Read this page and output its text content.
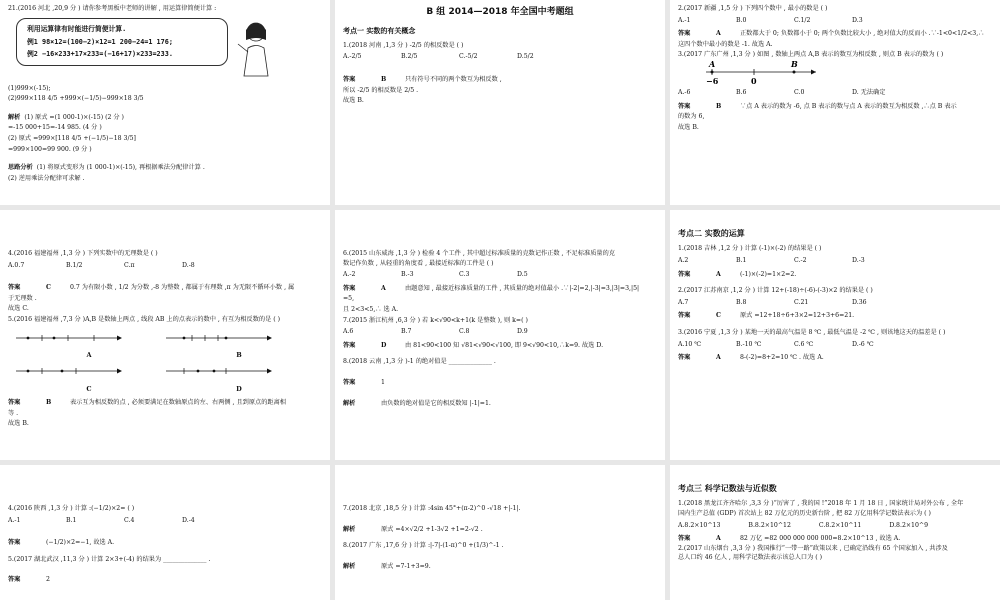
21.(2016 河北 ,20,9 分 ) 请你参考黑板中老师的讲解 , 用运算律简便计算 :

利用运算律有时能进行简便计算.
例1 98×12=(100−2)×12=1 200−24=1 176;
例2 −16×233+17×233=(−16+17)×233=233.
(1)999×(-15);
(2)999×118 4/5 +999×(−1/5)−999×18 3/5
解析 (1) 原式 =(1 000-1)×(-15) (2 分 )
=-15 000+15=-14 985. (4 分 )
(2) 原式 =999×[118 4/5 +(−1/5)−18 3/5]
=999×100=99 900. (9 分 )
思路分析 (1) 将原式变形为 (1 000-1)×(-15), 再根据乘法分配律计算 .
(2) 逆用乘法分配律可求解 .
B 组 2014—2018 年全国中考题组
考点一 实数的有关概念

1.(2018 河南 ,1,3 分 ) -2/5 的相反数是 ( )

A.-2/5	B.2/5	C.-5/2	D.5/2
答案	B	只有符号不同的两个数互为相反数 ,
所以 -2/5 的相反数是 2/5 .
故选 B.

2.(2017 新疆 ,1,5 分 ) 下列四个数中 , 最小的数是 ( )

A.-1	B.0	C.1/2	D.3
答案	A	正数都大于 0; 负数都小于 0; 两个负数比较大小 , 绝对值大的反而小 .∵-1<0<1/2<3,∴
这四个数中最小的数是 -1. 故选 A.

3.(2017 广东广州 ,1,3 分 ) 如图 , 数轴上两点 A,B 表示的数互为相反数 , 则点 B 表示的数为 ( )

A	B
−6	0
A.-6	B.6	C.0	D. 无法确定
答案	B	∵点 A 表示的数为 -6, 点 B 表示的数与点 A 表示的数互为相反数 ,∴点 B 表示
的数为 6,
故选 B.

4.(2016 福建福州 ,1,3 分 ) 下列实数中的无理数是 ( )

A.0.7	B.1/2	C.π	D.-8
答案	C	0.7 为有限小数 , 1/2 为分数 ,-8 为整数 , 都属于有理数 ,π 为无限不循环小数 , 属
于无理数 .
故选 C.

5.(2016 福建福州 ,7,3 分 )A,B 是数轴上两点 , 线段 AB 上的点表示的数中 , 有互为相反数的是 ( )

A	B
C	D
答案	B	表示互为相反数的点 , 必须要满足在数轴原点的左、右两侧 , 且到原点的距离相
等 .
故选 B.

6.(2015 山东威海 ,1,3 分 ) 检验 4 个工件 , 其中超过标准质量的克数记作正数 , 不足标准质量的克

数记作负数 , 从轻重的角度看 , 最接近标准的工件是 ( )

A.-2	B.-3	C.3	D.5
答案	A	由题意知 , 最接近标准质量的工件 , 其质量的绝对值最小 .∵|-2|=2,|-3|=3,|3|=3,|5|
=5,
且 2<3<5,∴ 选 A.

7.(2015 浙江杭州 ,6,3 分 ) 若 k<√90<k+1(k 是整数 ), 则 k=( )

A.6	B.7	C.8	D.9
答案	D	由 81<90<100 知 √81<√90<√100, 即 9<√90<10,∴k=9. 故选 D.

8.(2018 云南 ,1,3 分 )-1 的绝对值是 ______________ .

答案	1
解析	由负数的绝对值是它的相反数知 |-1|=1.
考点二 实数的运算

1.(2018 吉林 ,1,2 分 ) 计算 (-1)×(-2) 的结果是 ( )

A.2	B.1	C.-2	D.-3
答案	A	(-1)×(-2)=1×2=2.

2.(2017 江苏南京 ,1,2 分 ) 计算 12+(-18)÷(-6)-(-3)×2 的结果是 ( )

A.7	B.8	C.21	D.36
答案	C	原式 =12+18÷6+3×2=12+3+6=21.

3.(2016 宁夏 ,1,3 分 ) 某地一天的最高气温是 8 ℃ , 最低气温是 -2 ℃ , 则该地这天的温差是 ( )

A.10 ℃	B.-10 ℃	C.6 ℃	D.-6 ℃
答案	A	8-(-2)=8+2=10 ℃ . 故选 A.

4.(2016 陕西 ,1,3 分 ) 计算 :(−1/2)×2= ( )

A.-1	B.1	C.4	D.-4
答案	(−1/2)×2=−1, 故选 A.

5.(2017 湖北武汉 ,11,3 分 ) 计算 2×3+(-4) 的结果为 ______________ .

答案	2

7.(2018 北京 ,18,5 分 ) 计算 :4sin 45°+(π-2)^0 -√18 +|-1|.

解析	原式 =4×√2/2 +1-3√2 +1=2-√2 .

8.(2017 广东 ,17,6 分 ) 计算 :|-7|-(1-π)^0 +(1/3)^-1 .

解析	原式 =7-1+3=9.
考点三 科学记数法与近似数

1.(2018 黑龙江齐齐哈尔 ,3,3 分 )“厉害了 , 我的国 !”2018 年 1 月 18 日 , 国家统计局对外公布 , 全年

国内生产总值 (GDP) 首次站上 82 万亿元的历史新台阶 , 把 82 万亿用科学记数法表示为 ( )

A.8.2×10^13	B.8.2×10^12	C.8.2×10^11	D.8.2×10^9
答案	A	82 万亿 =82 000 000 000 000=8.2×10^13 , 故选 A.

2.(2017 山东烟台 ,3,3 分 ) 我国推行“一带一路”政策以来 , 已确定沿线有 65 个国家加入 , 共涉及

总人口约 46 亿人 , 用科学记数法表示该总人口为 ( )
